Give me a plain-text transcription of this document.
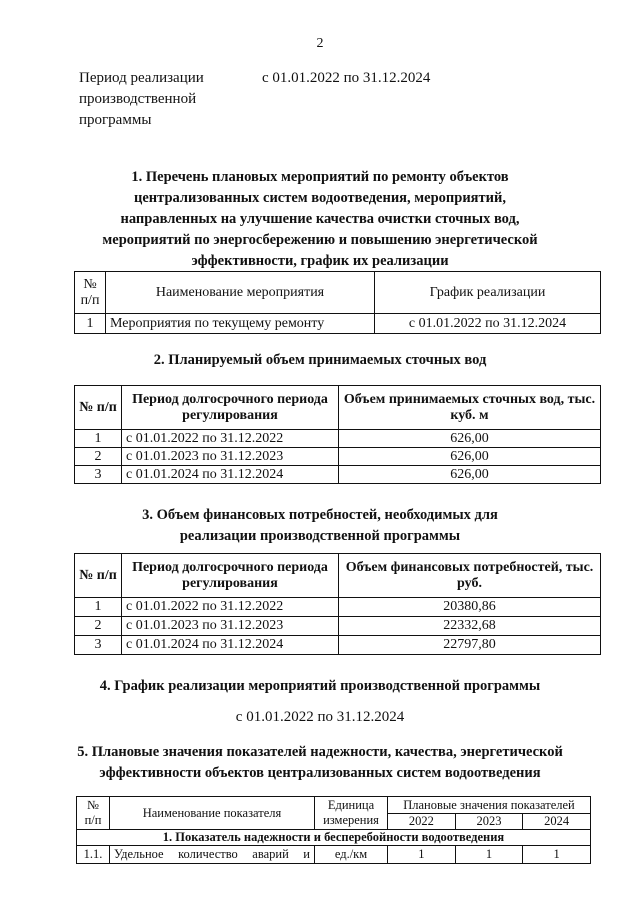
2
Период реализации
производственной
программы
с 01.01.2022 по 31.12.2024
1. Перечень плановых мероприятий по ремонту объектов
централизованных систем водоотведения, мероприятий,
направленных на улучшение качества очистки сточных вод,
мероприятий по энергосбережению и повышению энергетической
эффективности, график их реализации
№ п/п	Наименование мероприятия	График реализации
1	Мероприятия по текущему ремонту	с 01.01.2022 по 31.12.2024
2. Планируемый объем принимаемых сточных вод
№ п/п	Период долгосрочного периода регулирования	Объем принимаемых сточных вод, тыс. куб. м
1	с 01.01.2022 по 31.12.2022	626,00
2	с 01.01.2023 по 31.12.2023	626,00
3	с 01.01.2024 по 31.12.2024	626,00
3. Объем финансовых потребностей, необходимых для
реализации производственной программы
№ п/п	Период долгосрочного периода регулирования	Объем финансовых потребностей, тыс. руб.
1	с 01.01.2022 по 31.12.2022	20380,86
2	с 01.01.2023 по 31.12.2023	22332,68
3	с 01.01.2024 по 31.12.2024	22797,80
4. График реализации мероприятий производственной программы
с 01.01.2022 по 31.12.2024
5. Плановые значения показателей надежности, качества, энергетической
эффективности объектов централизованных систем водоотведения
№ п/п	Наименование показателя	Единица измерения	Плановые значения показателей		
			2022	2023	2024
1. Показатель надежности и бесперебойности водоотведения					
1.1.	Удельное количество аварий и	ед./км	1	1	1
